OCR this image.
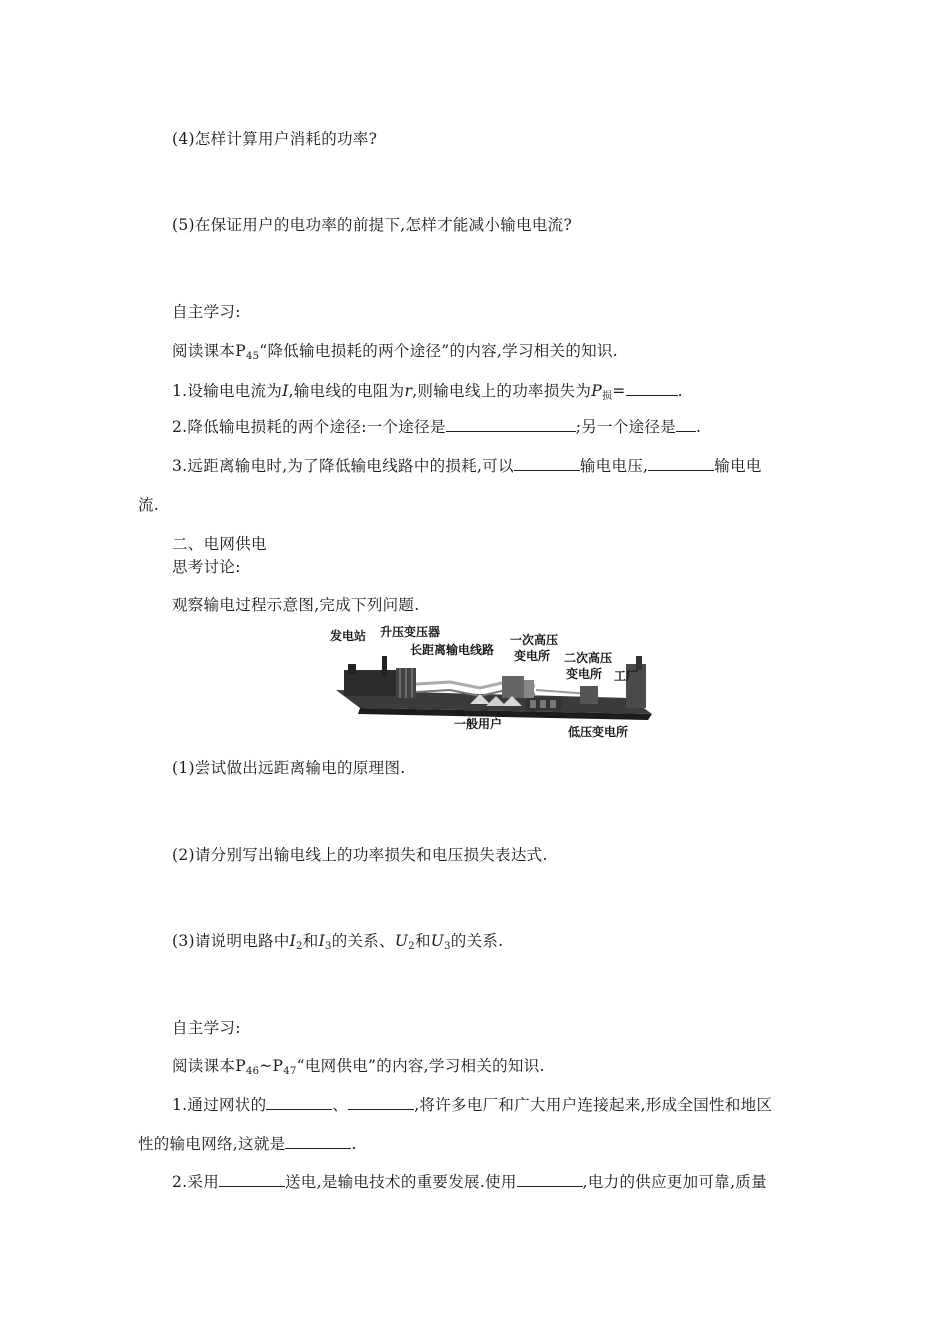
(4)怎样计算用户消耗的功率?
(5)在保证用户的电功率的前提下,怎样才能减小输电电流?
自主学习:
阅读课本$P_{45}“$降低输电损耗的两个途径”的内容,学习相关的知识.
1.设输电电流为I,输电线的电阻为r,则输电线上的功率损失为$P_损=$	.
2.降低输电损耗的两个途径:一个途径是	;另一个途径是 .
3.远距离输电时,为了降低输电线路中的损耗,可以	输电电压,	输电电
流.
二、电网供电
思考讨论:
观察输电过程示意图,完成下列问题.
发电站 升压变压器
长距离输电线路
一次高压
变电所 二次高压
变电所 工厂
一般用户
低压变电所
(1)尝试做出远距离输电的原理图.
(2)请分别写出输电线上的功率损失和电压损失表达式.
(3)请说明电路中$I_2$和$I_3$的关系、$U_2$和$U_3$的关系.
自主学习:
阅读课本$P_{46}\sim P_{47}“$电网供电”的内容,学习相关的知识.
1.通过网状的	、	,将许多电厂和广大用户连接起来,形成全国性和地区
性的输电网络,这就是	.
2.采用	送电,是输电技术的重要发展.使用	,电力的供应更加可靠,质量
